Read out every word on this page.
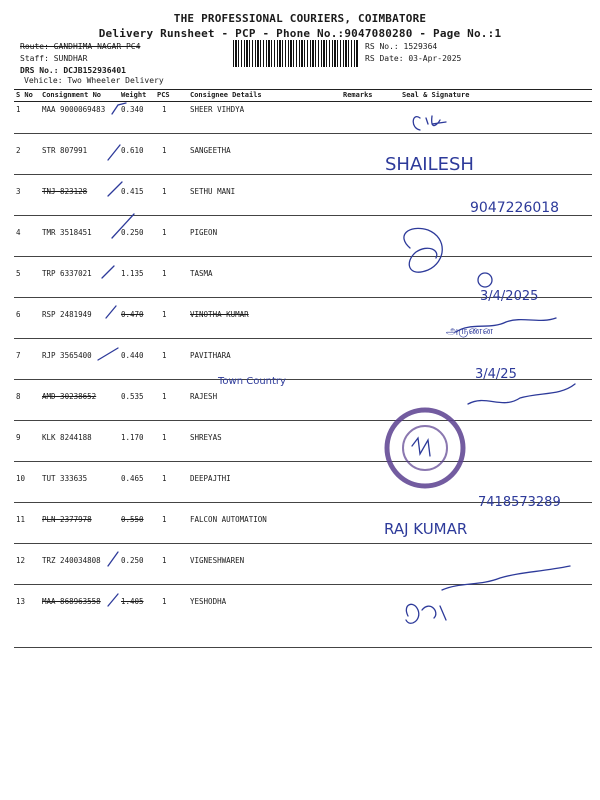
THE PROFESSIONAL COURIERS, COIMBATORE
Delivery Runsheet - PCP - Phone No.:9047080280 - Page No.:1
Route: GANDHIMA NAGAR PC4
Staff: SUNDHAR
DRS No.: DCJB152936401
Vehicle: Two Wheeler Delivery
RS No.: 1529364
RS Date: 03-Apr-2025
S No Consignment No	Weight PCS	Consignee Details	Remarks	Seal & Signature
1	MAA 9000069483 0.340 1	SHEER VIHDYA
2	STR 807991	0.610 1	SANGEETHA
3	TNJ 823128	0.415 1	SETHU MANI
4	TMR 3518451	0.250 1	PIGEON
5	TRP 6337021	1.135 1	TASMA
6	RSP 2481949	0.470 1	VINOTHA KUMAR
7	RJP 3565400	0.440 1	PAVITHARA
8	AMD 30238652	0.535 1	RAJESH
9	KLK 8244188	1.170 1	SHREYAS
10 TUT 333635	0.465 1	DEEPAJTHI
11 PLN 2377978	0.550 1	FALCON AUTOMATION
12 TRZ 240034808	0.250 1	VIGNESHWAREN
13 MAA 868963558	1.405 1	YESHODHA
SHAILESH
9047226018
3/4/2025
3/4/25
Town Country
7418573289
RAJ KUMAR
அருணன
